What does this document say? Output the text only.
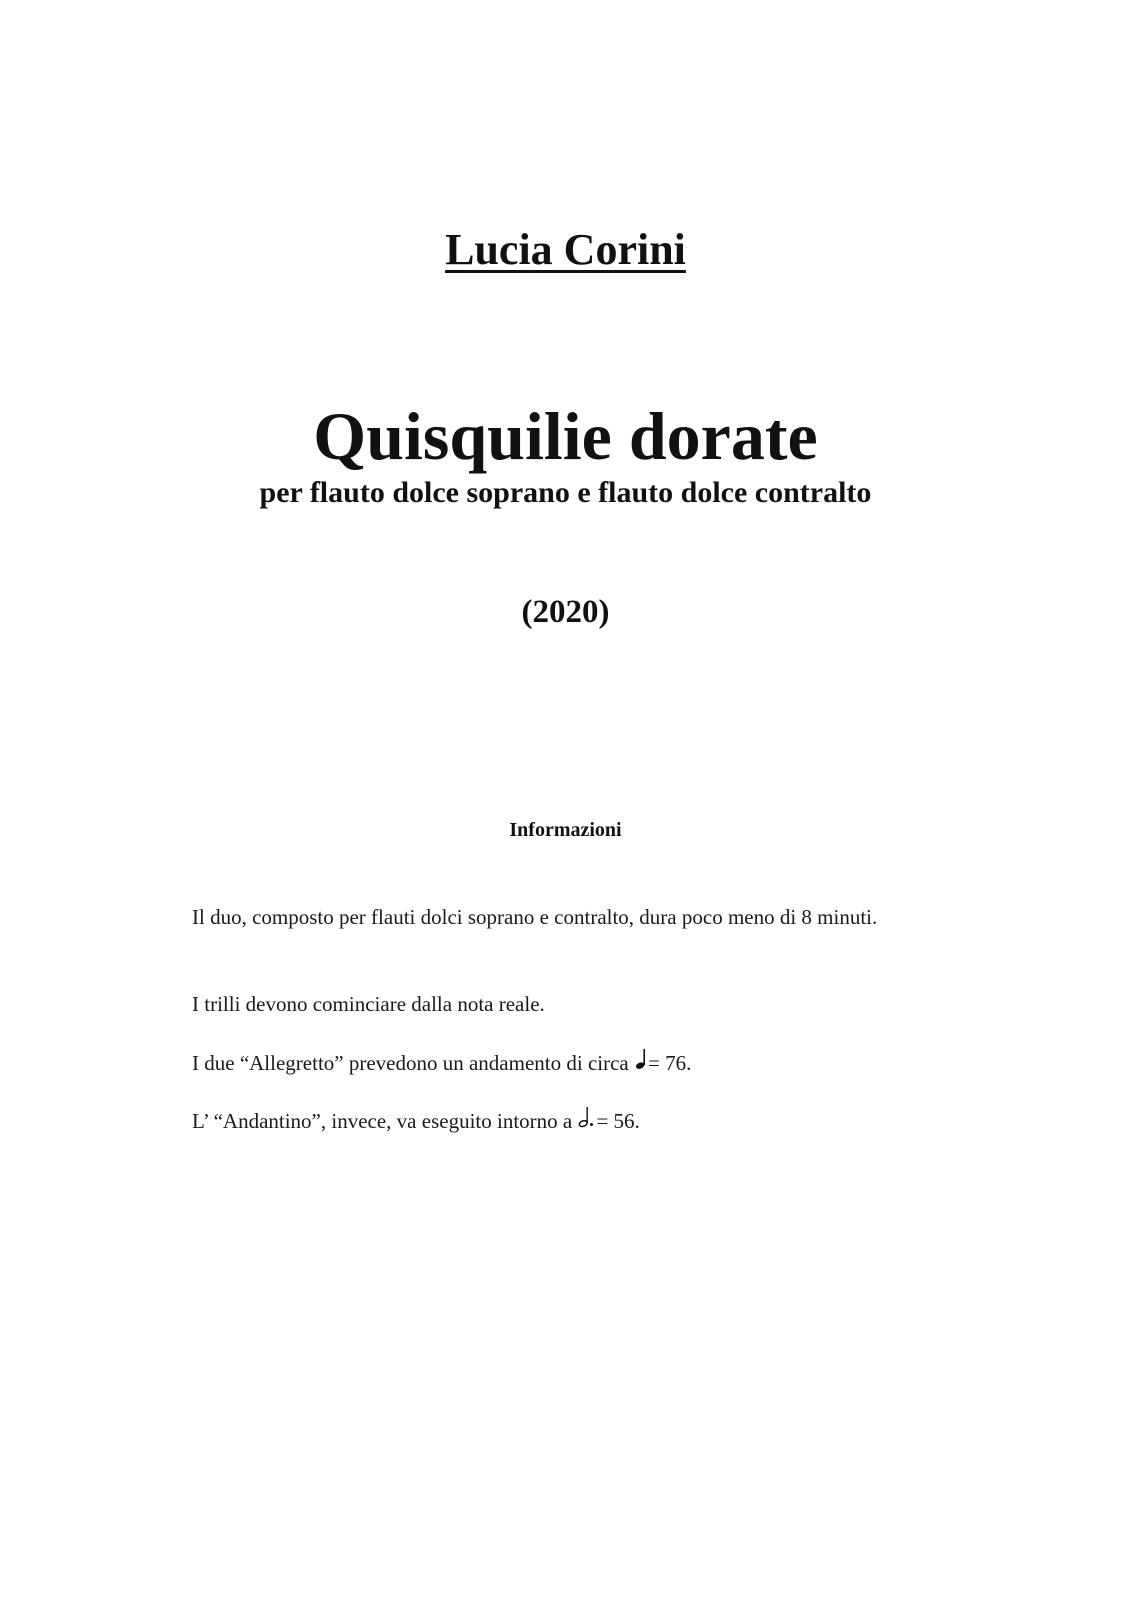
Lucia Corini
Quisquilie dorate
per flauto dolce soprano e flauto dolce contralto
(2020)
Informazioni
Il duo, composto per flauti dolci soprano e contralto, dura poco meno di 8 minuti.
I trilli devono cominciare dalla nota reale.
I due “Allegretto” prevedono un andamento di circa
= 76.
L’ “Andantino”, invece, va eseguito intorno a
= 56.
